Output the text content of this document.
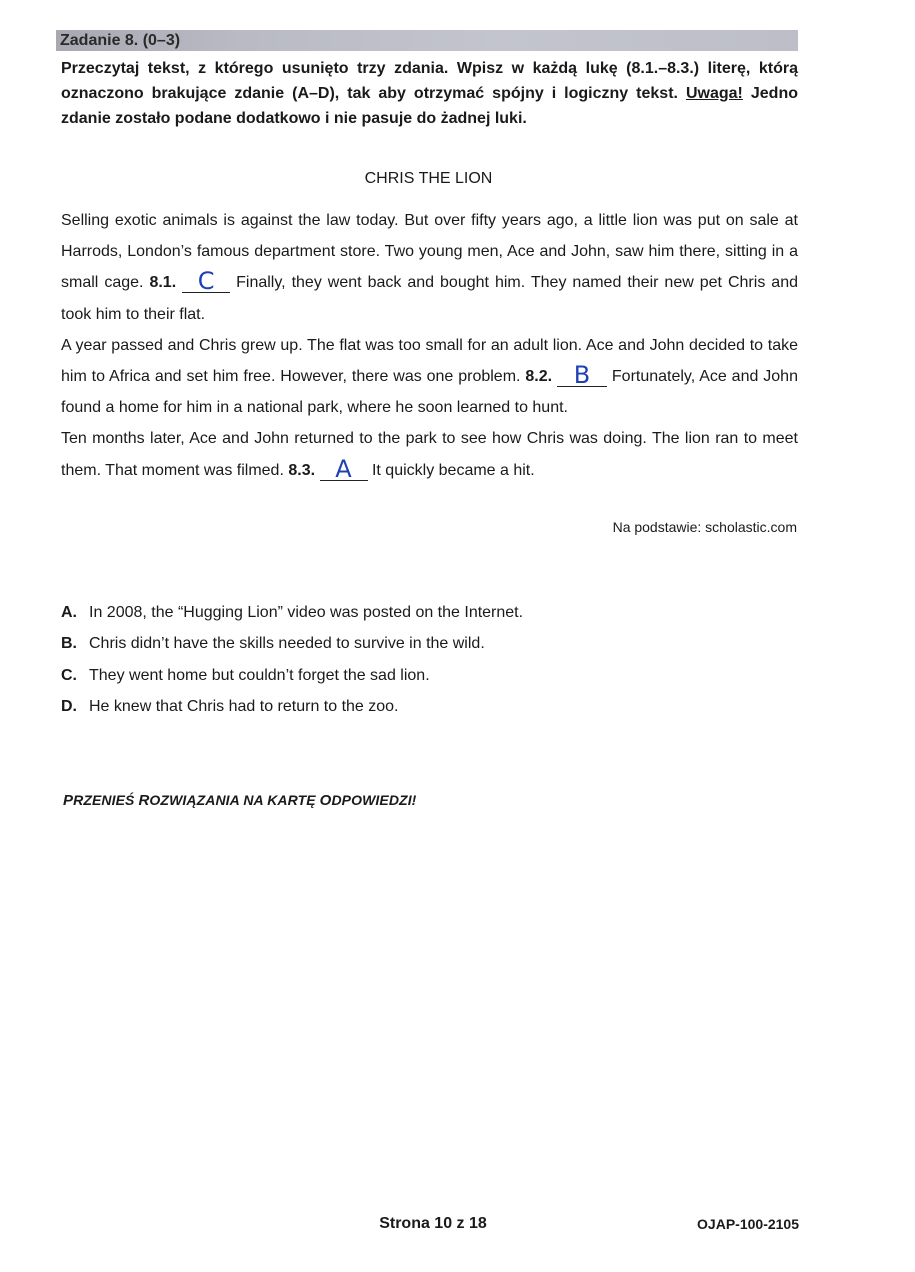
Zadanie 8. (0–3)
Przeczytaj tekst, z którego usunięto trzy zdania. Wpisz w każdą lukę (8.1.–8.3.) literę, którą oznaczono brakujące zdanie (A–D), tak aby otrzymać spójny i logiczny tekst. Uwaga! Jedno zdanie zostało podane dodatkowo i nie pasuje do żadnej luki.
CHRIS THE LION

Selling exotic animals is against the law today. But over fifty years ago, a little lion was put on sale at Harrods, London’s famous department store. Two young men, Ace and John, saw him there, sitting in a small cage. 8.1. C Finally, they went back and bought him. They named their new pet Chris and took him to their flat.

A year passed and Chris grew up. The flat was too small for an adult lion. Ace and John decided to take him to Africa and set him free. However, there was one problem. 8.2. B Fortunately, Ace and John found a home for him in a national park, where he soon learned to hunt.

Ten months later, Ace and John returned to the park to see how Chris was doing. The lion ran to meet them. That moment was filmed. 8.3. A It quickly became a hit.

Na podstawie: scholastic.com
A. In 2008, the “Hugging Lion” video was posted on the Internet.
B. Chris didn’t have the skills needed to survive in the wild.
C. They went home but couldn’t forget the sad lion.
D. He knew that Chris had to return to the zoo.
PRZENIEŚ ROZWIĄZANIA NA KARTĘ ODPOWIEDZI!
Strona 10 z 18	OJAP-100-2105
